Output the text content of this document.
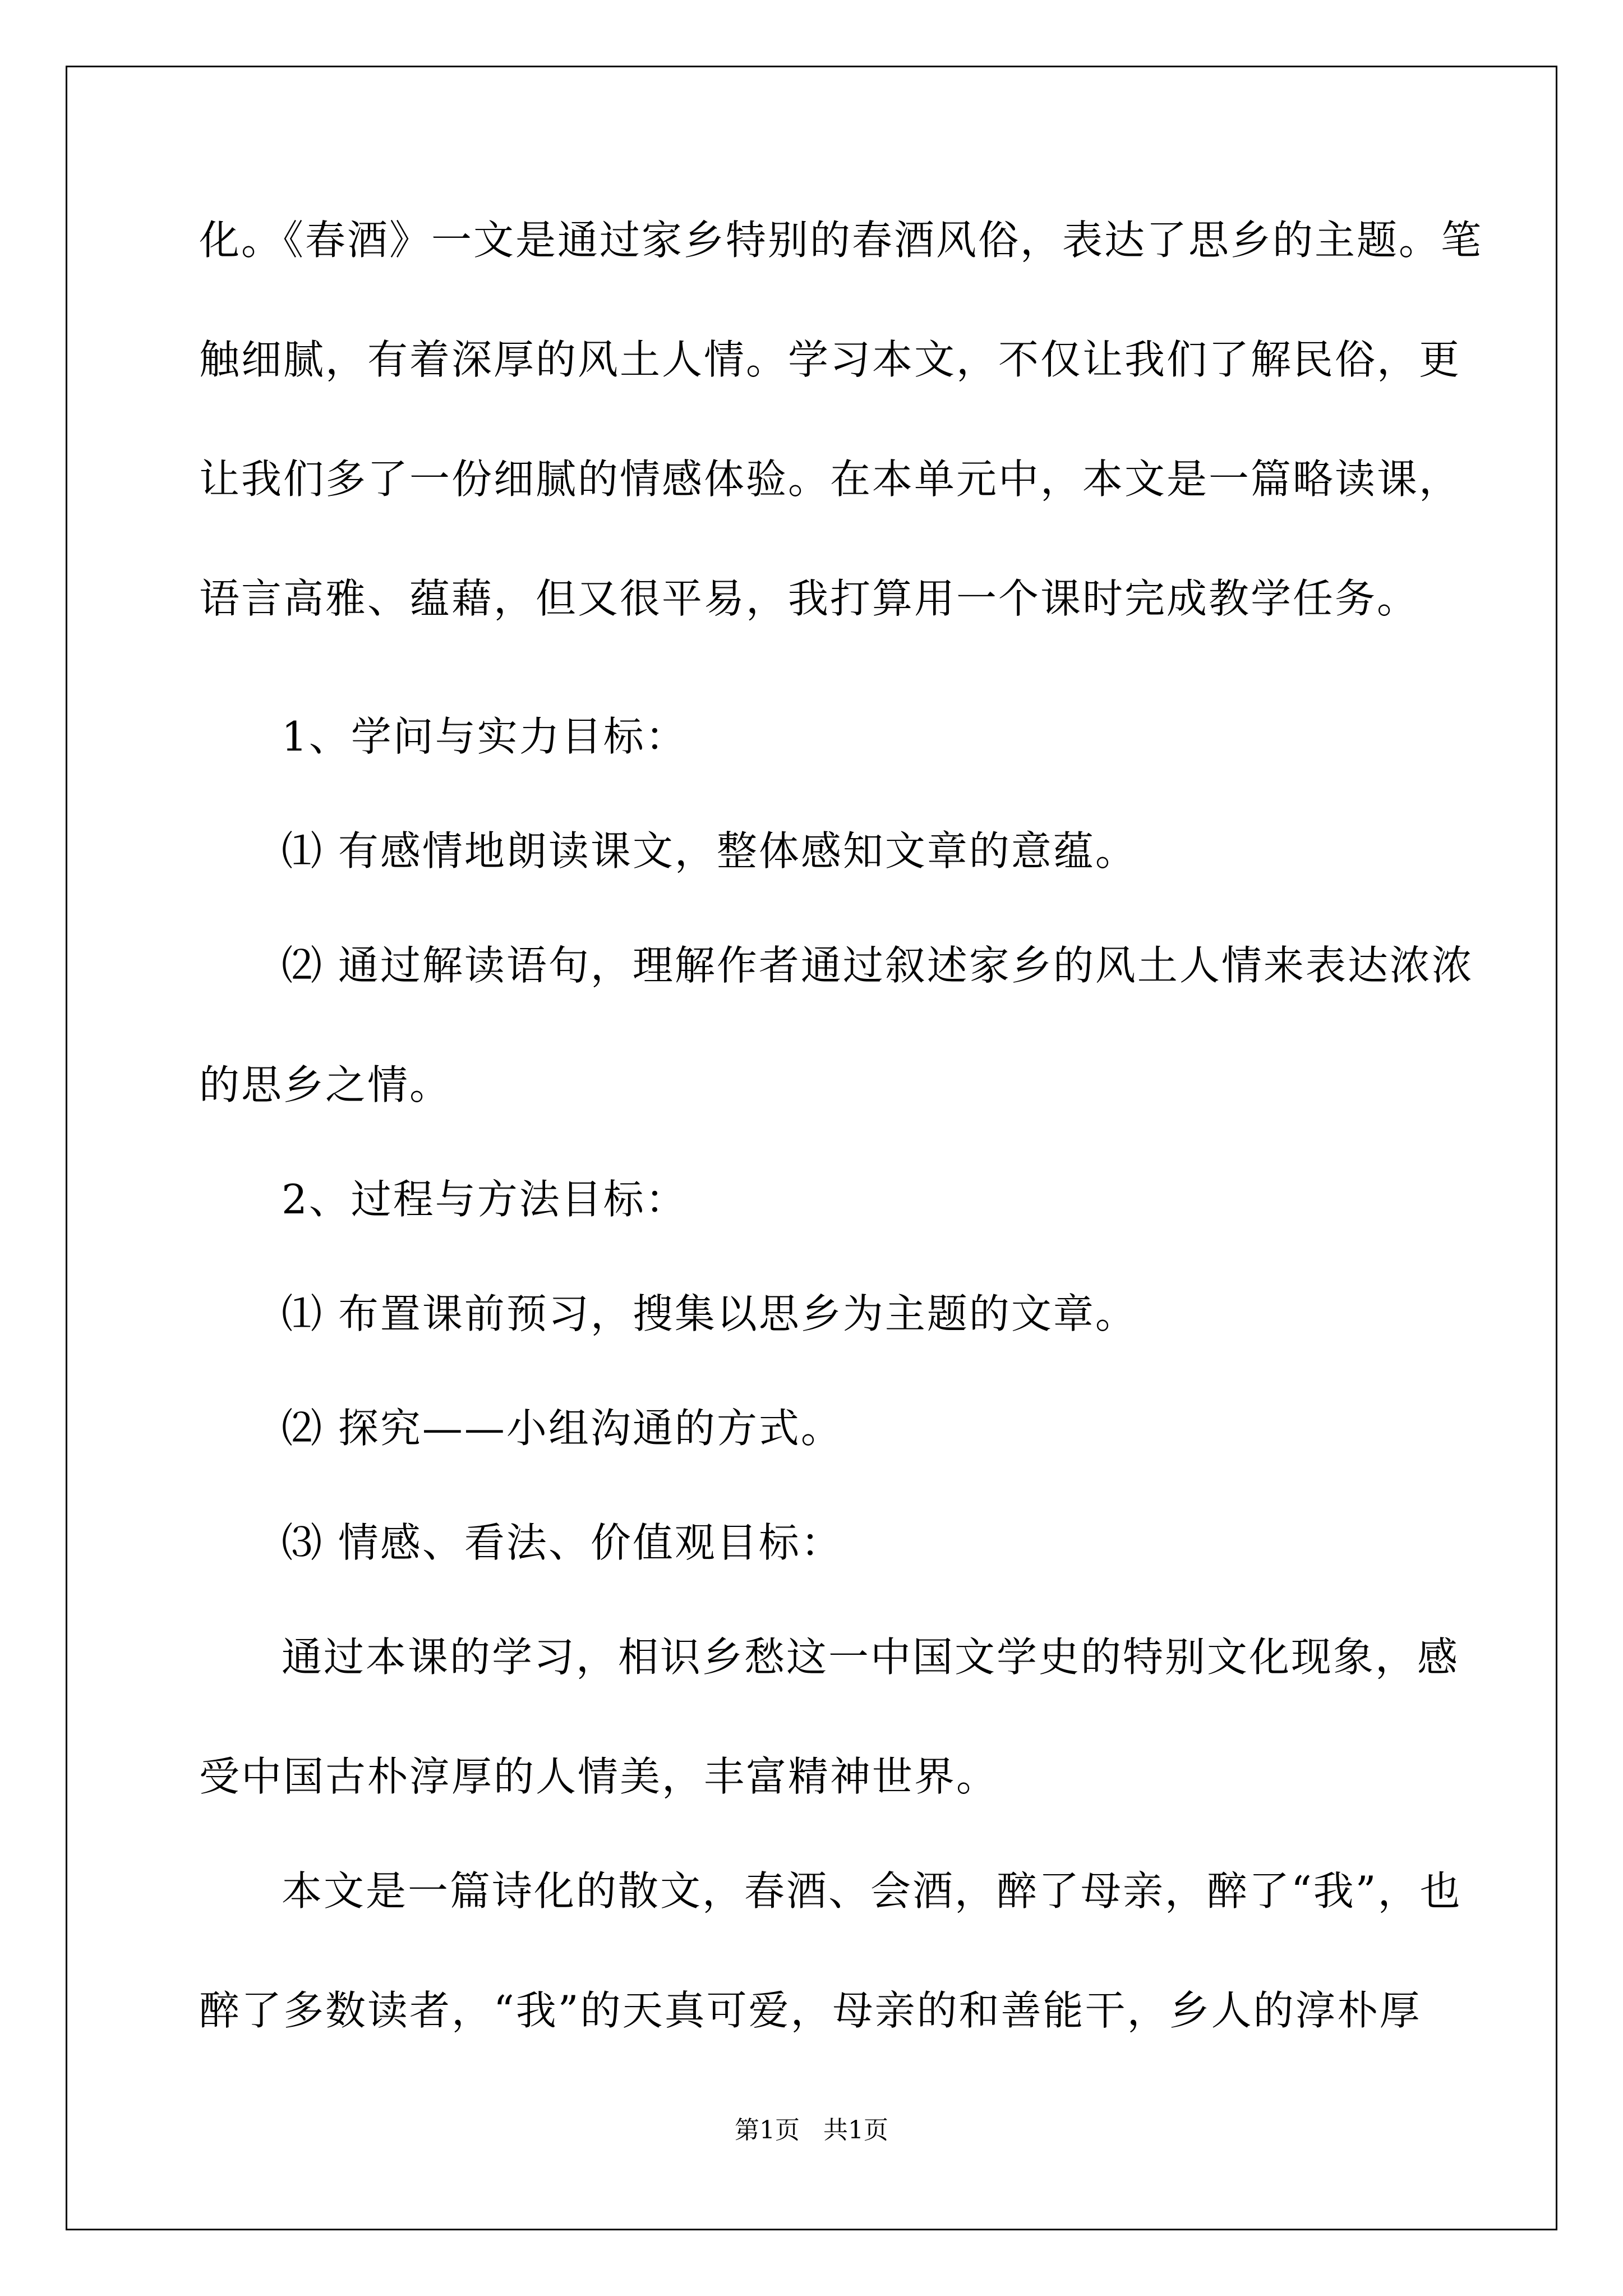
化。《春酒》一文是通过家乡特别的春酒风俗，表达了思乡的主题。笔

触细腻，有着深厚的风土人情。学习本文，不仅让我们了解民俗，更

让我们多了一份细腻的情感体验。在本单元中，本文是一篇略读课，

语言高雅、蕴藉，但又很平易，我打算用一个课时完成教学任务。

1、学问与实力目标：

⑴ 有感情地朗读课文，整体感知文章的意蕴。

⑵ 通过解读语句，理解作者通过叙述家乡的风土人情来表达浓浓

的思乡之情。

2、过程与方法目标：

⑴ 布置课前预习，搜集以思乡为主题的文章。

⑵ 探究——小组沟通的方式。

⑶ 情感、看法、价值观目标：

通过本课的学习，相识乡愁这一中国文学史的特别文化现象，感

受中国古朴淳厚的人情美，丰富精神世界。

本文是一篇诗化的散文，春酒、会酒，醉了母亲，醉了“我”，也

醉了多数读者，“我”的天真可爱，母亲的和善能干，乡人的淳朴厚

第1页 共1页
